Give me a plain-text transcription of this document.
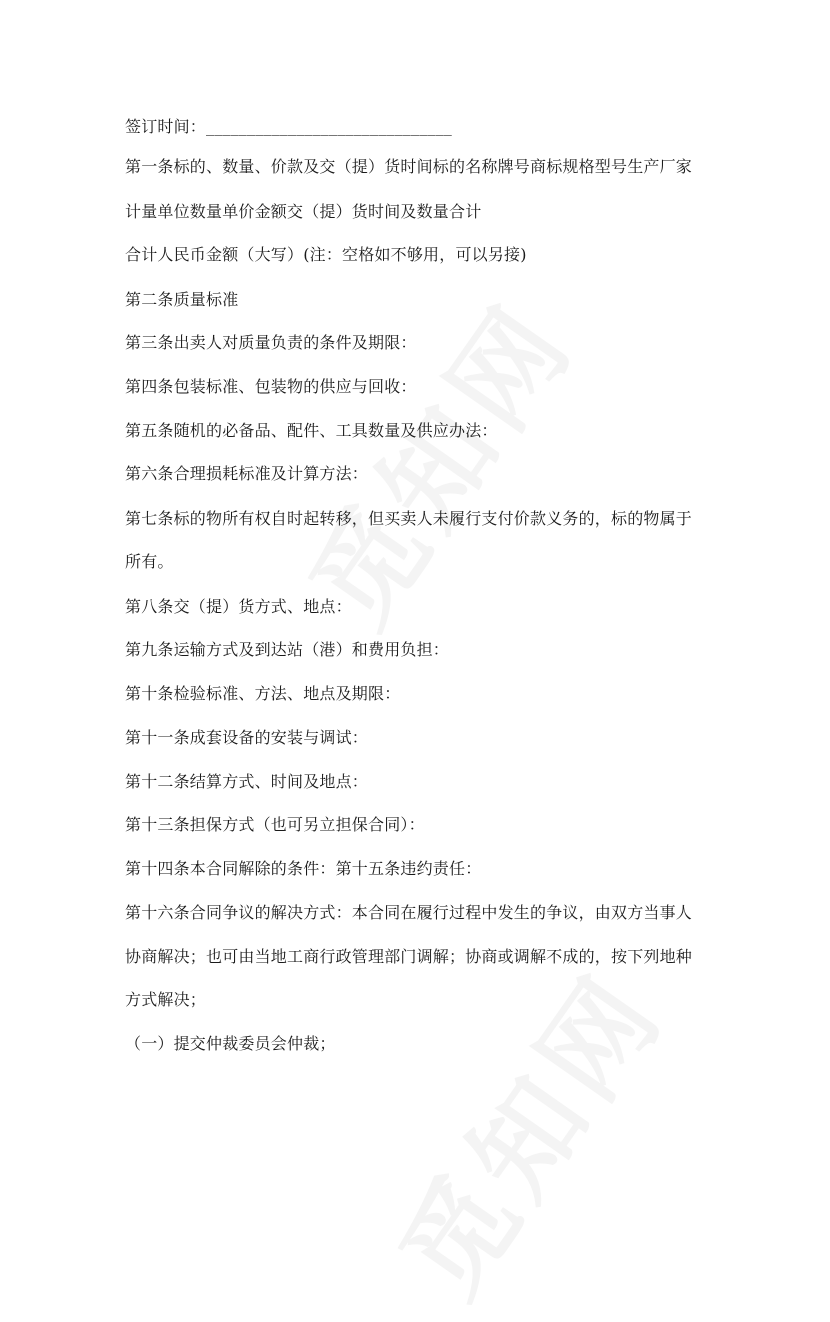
签订时间：______________________________
第一条标的、数量、价款及交（提）货时间标的名称牌号商标规格型号生产厂家
计量单位数量单价金额交（提）货时间及数量合计
合计人民币金额（大写）(注：空格如不够用，可以另接)
第二条质量标准
第三条出卖人对质量负责的条件及期限：
第四条包装标准、包装物的供应与回收：
第五条随机的必备品、配件、工具数量及供应办法：
第六条合理损耗标准及计算方法：
第七条标的物所有权自时起转移，但买卖人未履行支付价款义务的，标的物属于
所有。
第八条交（提）货方式、地点：
第九条运输方式及到达站（港）和费用负担：
第十条检验标准、方法、地点及期限：
第十一条成套设备的安装与调试：
第十二条结算方式、时间及地点：
第十三条担保方式（也可另立担保合同）：
第十四条本合同解除的条件：第十五条违约责任：
第十六条合同争议的解决方式：本合同在履行过程中发生的争议，由双方当事人
协商解决；也可由当地工商行政管理部门调解；协商或调解不成的，按下列地种
方式解决；
（一）提交仲裁委员会仲裁；
